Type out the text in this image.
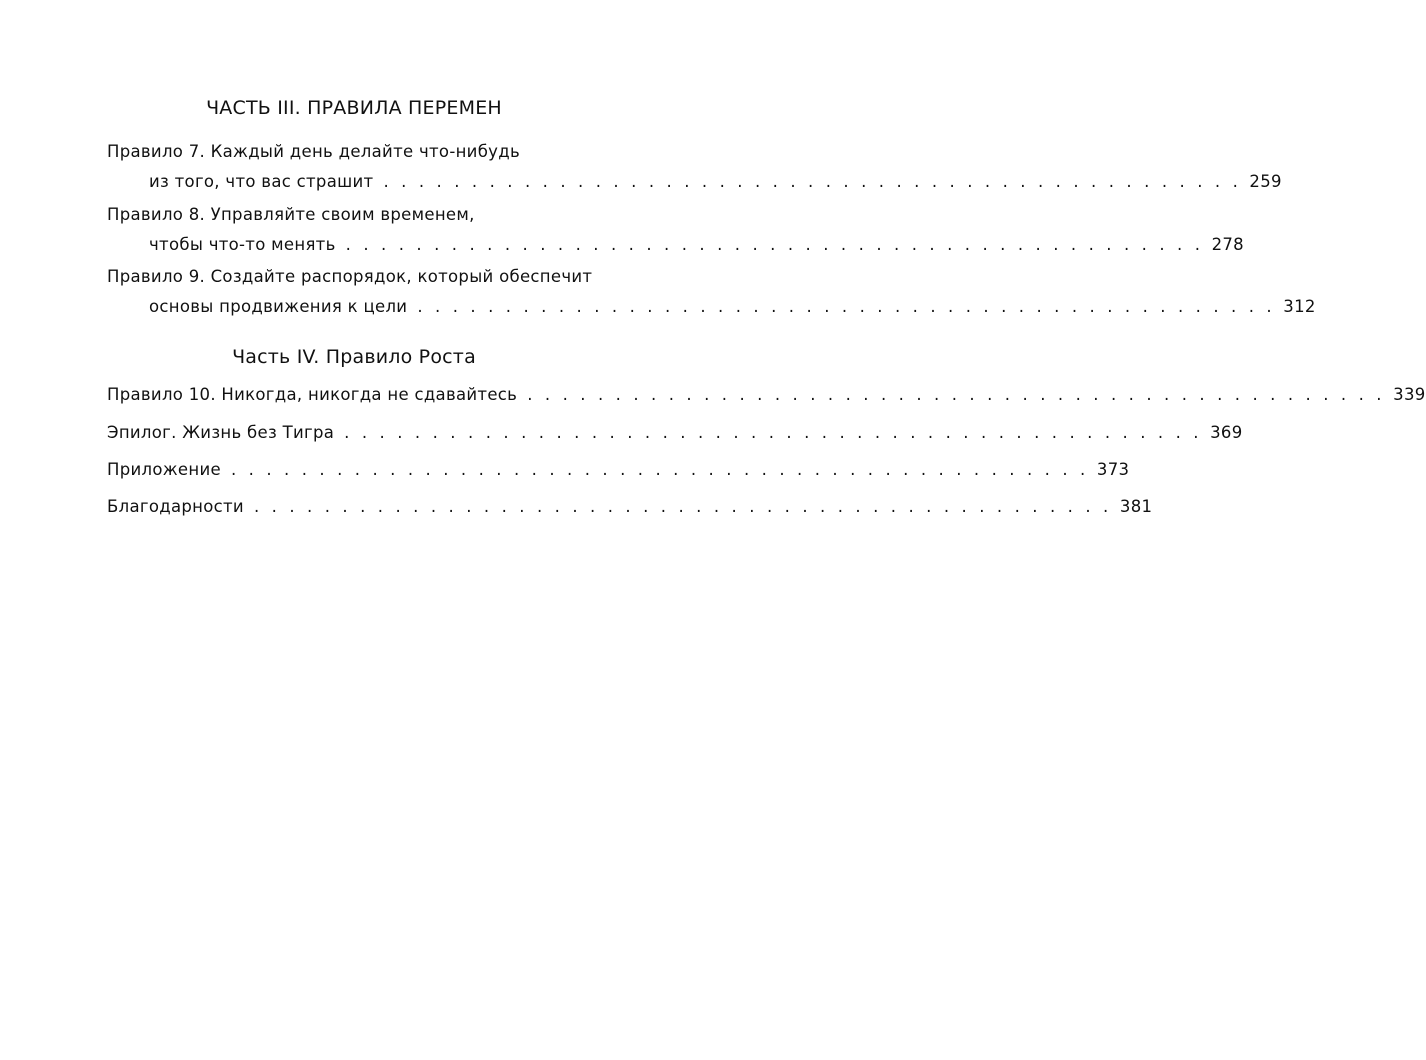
ЧАСТЬ III. ПРАВИЛА ПЕРЕМЕН
Правило 7. Каждый день делайте что-нибудь
из того, что вас страшит . . . . . . . . . . . . . . . . . . . . . . . . . . . . . . . . . . . . . . . . . . . . . . . . . 259
Правило 8. Управляйте своим временем,
чтобы что-то менять . . . . . . . . . . . . . . . . . . . . . . . . . . . . . . . . . . . . . . . . . . . . . . . . . 278
Правило 9. Создайте распорядок, который обеспечит
основы продвижения к цели . . . . . . . . . . . . . . . . . . . . . . . . . . . . . . . . . . . . . . . . . . . . . . . . . 312
Часть IV. Правило Роста
Правило 10. Никогда, никогда не сдавайтесь . . . . . . . . . . . . . . . . . . . . . . . . . . . . . . . . . . . . . . . . . . . . . . . . . 339
Эпилог. Жизнь без Тигра . . . . . . . . . . . . . . . . . . . . . . . . . . . . . . . . . . . . . . . . . . . . . . . . . 369
Приложение . . . . . . . . . . . . . . . . . . . . . . . . . . . . . . . . . . . . . . . . . . . . . . . . . 373
Благодарности . . . . . . . . . . . . . . . . . . . . . . . . . . . . . . . . . . . . . . . . . . . . . . . . . 381
